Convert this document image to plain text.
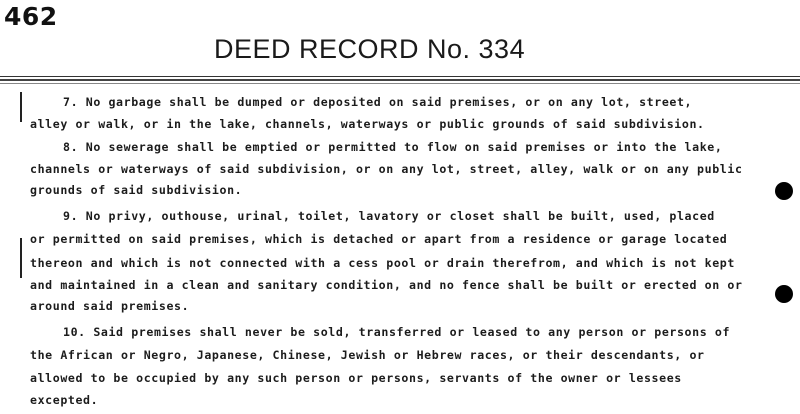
462
DEED RECORD No. 334
7. No garbage shall be dumped or deposited on said premises, or on any lot, street,
alley or walk, or in the lake, channels, waterways or public grounds of said subdivision.
8. No sewerage shall be emptied or permitted to flow on said premises or into the lake,
channels or waterways of said subdivision, or on any lot, street, alley, walk or on any public
grounds of said subdivision.
9. No privy, outhouse, urinal, toilet, lavatory or closet shall be built, used, placed
or permitted on said premises, which is detached or apart from a residence or garage located
thereon and which is not connected with a cess pool or drain therefrom, and which is not kept
and maintained in a clean and sanitary condition, and no fence shall be built or erected on or
around said premises.
10. Said premises shall never be sold, transferred or leased to any person or persons of
the African or Negro, Japanese, Chinese, Jewish or Hebrew races, or their descendants, or
allowed to be occupied by any such person or persons, servants of the owner or lessees
excepted.
